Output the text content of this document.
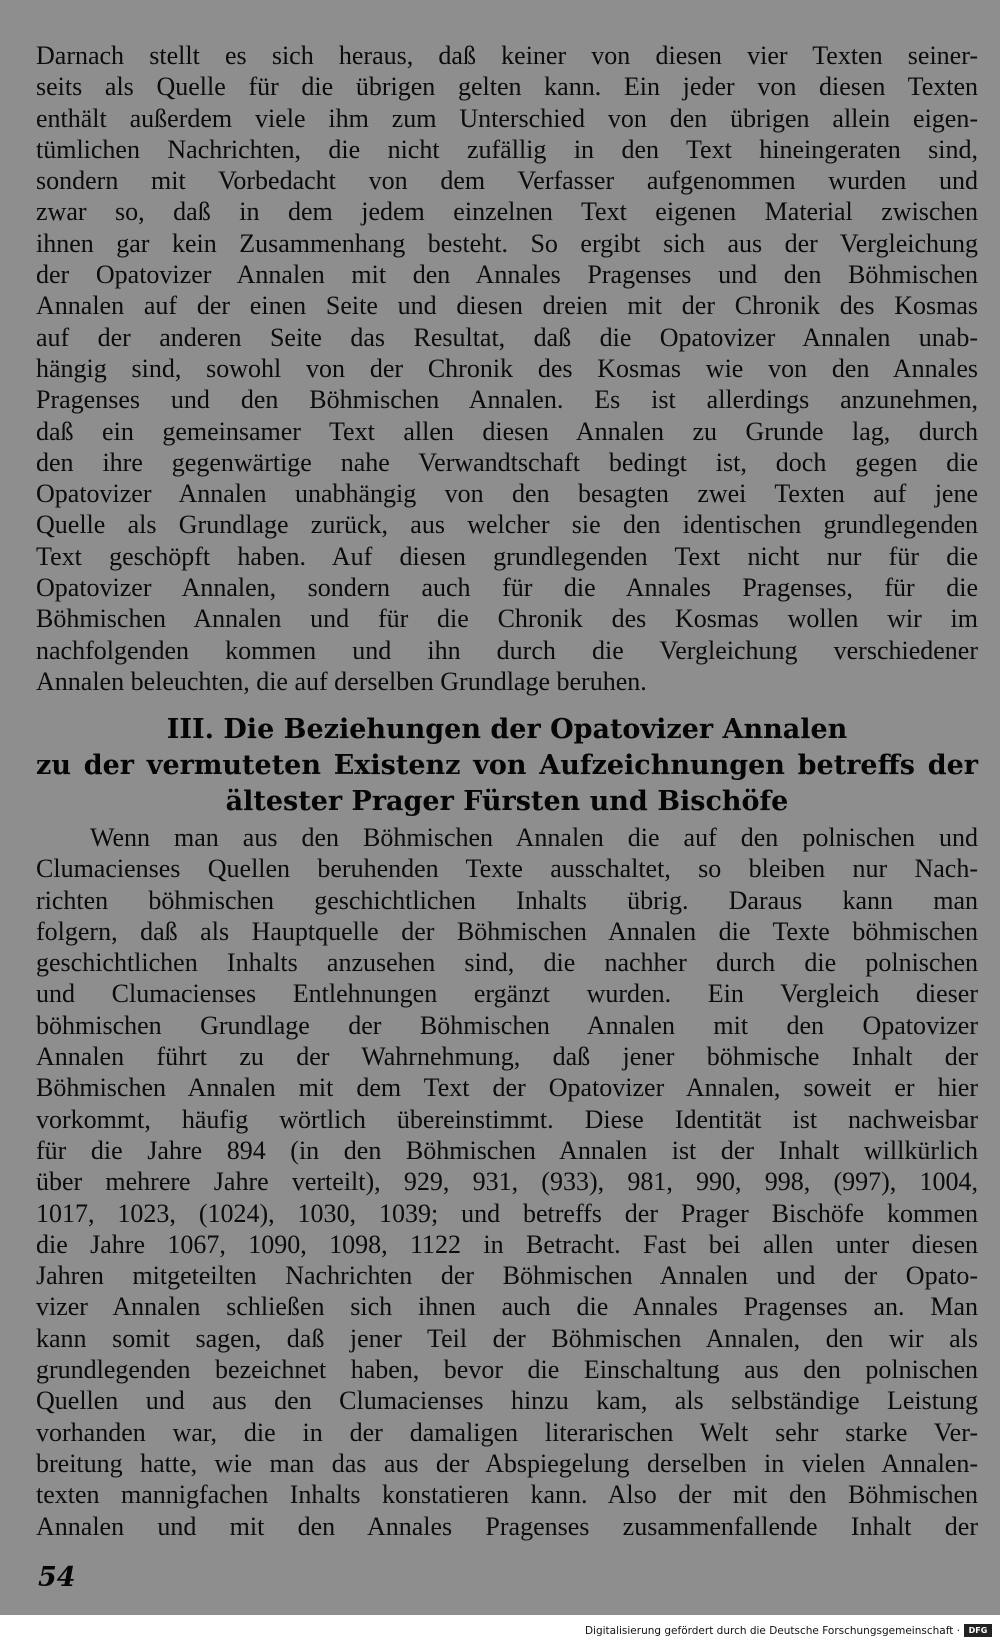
Darnach stellt es sich heraus, daß keiner von diesen vier Texten seiner-
seits als Quelle für die übrigen gelten kann. Ein jeder von diesen Texten
enthält außerdem viele ihm zum Unterschied von den übrigen allein eigen-
tümlichen Nachrichten, die nicht zufällig in den Text hineingeraten sind,
sondern mit Vorbedacht von dem Verfasser aufgenommen wurden und
zwar so, daß in dem jedem einzelnen Text eigenen Material zwischen
ihnen gar kein Zusammenhang besteht. So ergibt sich aus der Vergleichung
der Opatovizer Annalen mit den Annales Pragenses und den Böhmischen
Annalen auf der einen Seite und diesen dreien mit der Chronik des Kosmas
auf der anderen Seite das Resultat, daß die Opatovizer Annalen unab-
hängig sind, sowohl von der Chronik des Kosmas wie von den Annales
Pragenses und den Böhmischen Annalen. Es ist allerdings anzunehmen,
daß ein gemeinsamer Text allen diesen Annalen zu Grunde lag, durch
den ihre gegenwärtige nahe Verwandtschaft bedingt ist, doch gegen die
Opatovizer Annalen unabhängig von den besagten zwei Texten auf jene
Quelle als Grundlage zurück, aus welcher sie den identischen grundlegenden
Text geschöpft haben. Auf diesen grundlegenden Text nicht nur für die
Opatovizer Annalen, sondern auch für die Annales Pragenses, für die
Böhmischen Annalen und für die Chronik des Kosmas wollen wir im
nachfolgenden kommen und ihn durch die Vergleichung verschiedener
Annalen beleuchten, die auf derselben Grundlage beruhen.
III. Die Beziehungen der Opatovizer Annalen
zu der vermuteten Existenz von Aufzeichnungen betreffs der
ältester Prager Fürsten und Bischöfe
Wenn man aus den Böhmischen Annalen die auf den polnischen und
Clumacienses Quellen beruhenden Texte ausschaltet, so bleiben nur Nach-
richten böhmischen geschichtlichen Inhalts übrig. Daraus kann man
folgern, daß als Hauptquelle der Böhmischen Annalen die Texte böhmischen
geschichtlichen Inhalts anzusehen sind, die nachher durch die polnischen
und Clumacienses Entlehnungen ergänzt wurden. Ein Vergleich dieser
böhmischen Grundlage der Böhmischen Annalen mit den Opatovizer
Annalen führt zu der Wahrnehmung, daß jener böhmische Inhalt der
Böhmischen Annalen mit dem Text der Opatovizer Annalen, soweit er hier
vorkommt, häufig wörtlich übereinstimmt. Diese Identität ist nachweisbar
für die Jahre 894 (in den Böhmischen Annalen ist der Inhalt willkürlich
über mehrere Jahre verteilt), 929, 931, (933), 981, 990, 998, (997), 1004,
1017, 1023, (1024), 1030, 1039; und betreffs der Prager Bischöfe kommen
die Jahre 1067, 1090, 1098, 1122 in Betracht. Fast bei allen unter diesen
Jahren mitgeteilten Nachrichten der Böhmischen Annalen und der Opato-
vizer Annalen schließen sich ihnen auch die Annales Pragenses an. Man
kann somit sagen, daß jener Teil der Böhmischen Annalen, den wir als
grundlegenden bezeichnet haben, bevor die Einschaltung aus den polnischen
Quellen und aus den Clumacienses hinzu kam, als selbständige Leistung
vorhanden war, die in der damaligen literarischen Welt sehr starke Ver-
breitung hatte, wie man das aus der Abspiegelung derselben in vielen Annalen-
texten mannigfachen Inhalts konstatieren kann. Also der mit den Böhmischen
Annalen und mit den Annales Pragenses zusammenfallende Inhalt der
54
Digitalisierung gefördert durch die Deutsche Forschungsgemeinschaft ·	DFG
